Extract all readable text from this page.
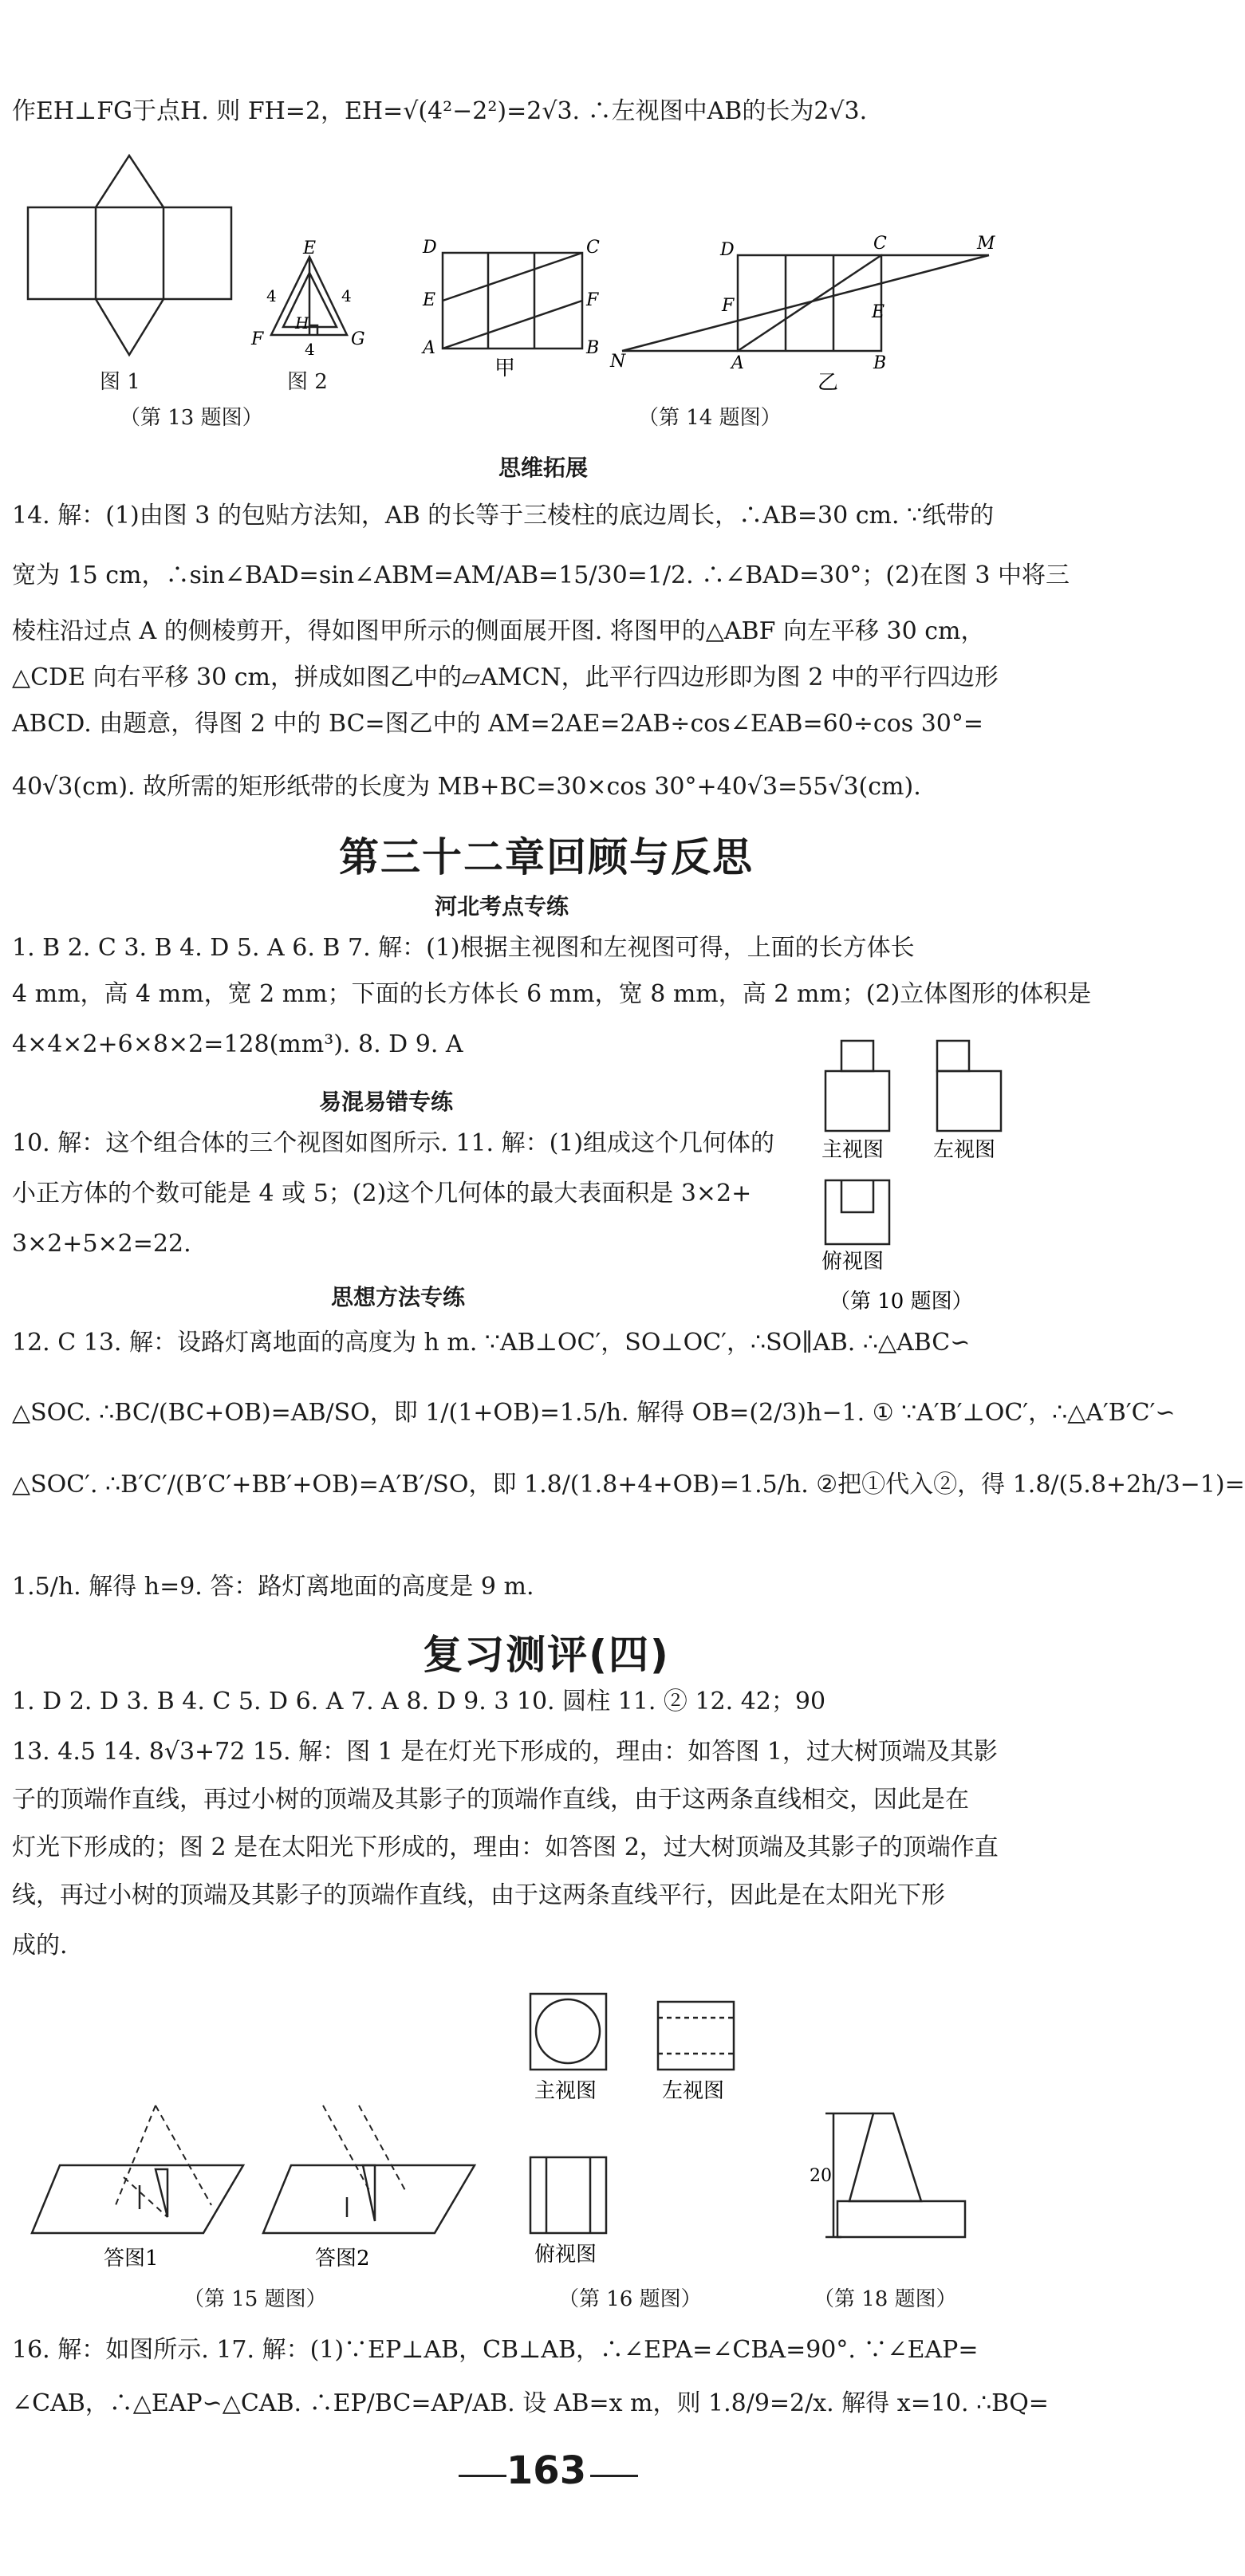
作EH⊥FG于点H. 则 FH=2，EH=√(4²−2²)=2√3. ∴左视图中AB的长为2√3.
图 1
E
F	G
H
4	4
4
图 2
（第 13 题图）
D	C
E	F
A	B
甲
D	C	M
F	E
N	A	B
乙
（第 14 题图）
思维拓展
14. 解：(1)由图 3 的包贴方法知，AB 的长等于三棱柱的底边周长，∴AB=30 cm. ∵纸带的
宽为 15 cm，∴sin∠BAD=sin∠ABM=AM/AB=15/30=1/2. ∴∠BAD=30°；(2)在图 3 中将三
棱柱沿过点 A 的侧棱剪开，得如图甲所示的侧面展开图. 将图甲的△ABF 向左平移 30 cm，
△CDE 向右平移 30 cm，拼成如图乙中的▱AMCN，此平行四边形即为图 2 中的平行四边形
ABCD. 由题意，得图 2 中的 BC=图乙中的 AM=2AE=2AB÷cos∠EAB=60÷cos 30°=
40√3(cm). 故所需的矩形纸带的长度为 MB+BC=30×cos 30°+40√3=55√3(cm).
第三十二章回顾与反思
河北考点专练
1. B 2. C 3. B 4. D 5. A 6. B 7. 解：(1)根据主视图和左视图可得，上面的长方体长
4 mm，高 4 mm，宽 2 mm；下面的长方体长 6 mm，宽 8 mm，高 2 mm；(2)立体图形的体积是
4×4×2+6×8×2=128(mm³). 8. D 9. A
易混易错专练
10. 解：这个组合体的三个视图如图所示. 11. 解：(1)组成这个几何体的
小正方体的个数可能是 4 或 5；(2)这个几何体的最大表面积是 3×2+
3×2+5×2=22.
主视图 左视图
俯视图
（第 10 题图）
思想方法专练
12. C 13. 解：设路灯离地面的高度为 h m. ∵AB⊥OC′，SO⊥OC′，∴SO∥AB. ∴△ABC∽
△SOC. ∴BC/(BC+OB)=AB/SO，即 1/(1+OB)=1.5/h. 解得 OB=(2/3)h−1. ① ∵A′B′⊥OC′，∴△A′B′C′∽
△SOC′. ∴B′C′/(B′C′+BB′+OB)=A′B′/SO，即 1.8/(1.8+4+OB)=1.5/h. ②把①代入②，得 1.8/(5.8+2h/3−1)=
1.5/h. 解得 h=9. 答：路灯离地面的高度是 9 m.
复习测评(四)
1. D 2. D 3. B 4. C 5. D 6. A 7. A 8. D 9. 3 10. 圆柱 11. ② 12. 42；90
13. 4.5 14. 8√3+72 15. 解：图 1 是在灯光下形成的，理由：如答图 1，过大树顶端及其影
子的顶端作直线，再过小树的顶端及其影子的顶端作直线，由于这两条直线相交，因此是在
灯光下形成的；图 2 是在太阳光下形成的，理由：如答图 2，过大树顶端及其影子的顶端作直
线，再过小树的顶端及其影子的顶端作直线，由于这两条直线平行，因此是在太阳光下形
成的.
答图1	答图2
（第 15 题图）
主视图	左视图
俯视图
（第 16 题图）
20
（第 18 题图）
16. 解：如图所示. 17. 解：(1)∵EP⊥AB，CB⊥AB，∴∠EPA=∠CBA=90°. ∵∠EAP=
∠CAB，∴△EAP∽△CAB. ∴EP/BC=AP/AB. 设 AB=x m，则 1.8/9=2/x. 解得 x=10. ∴BQ=
163
